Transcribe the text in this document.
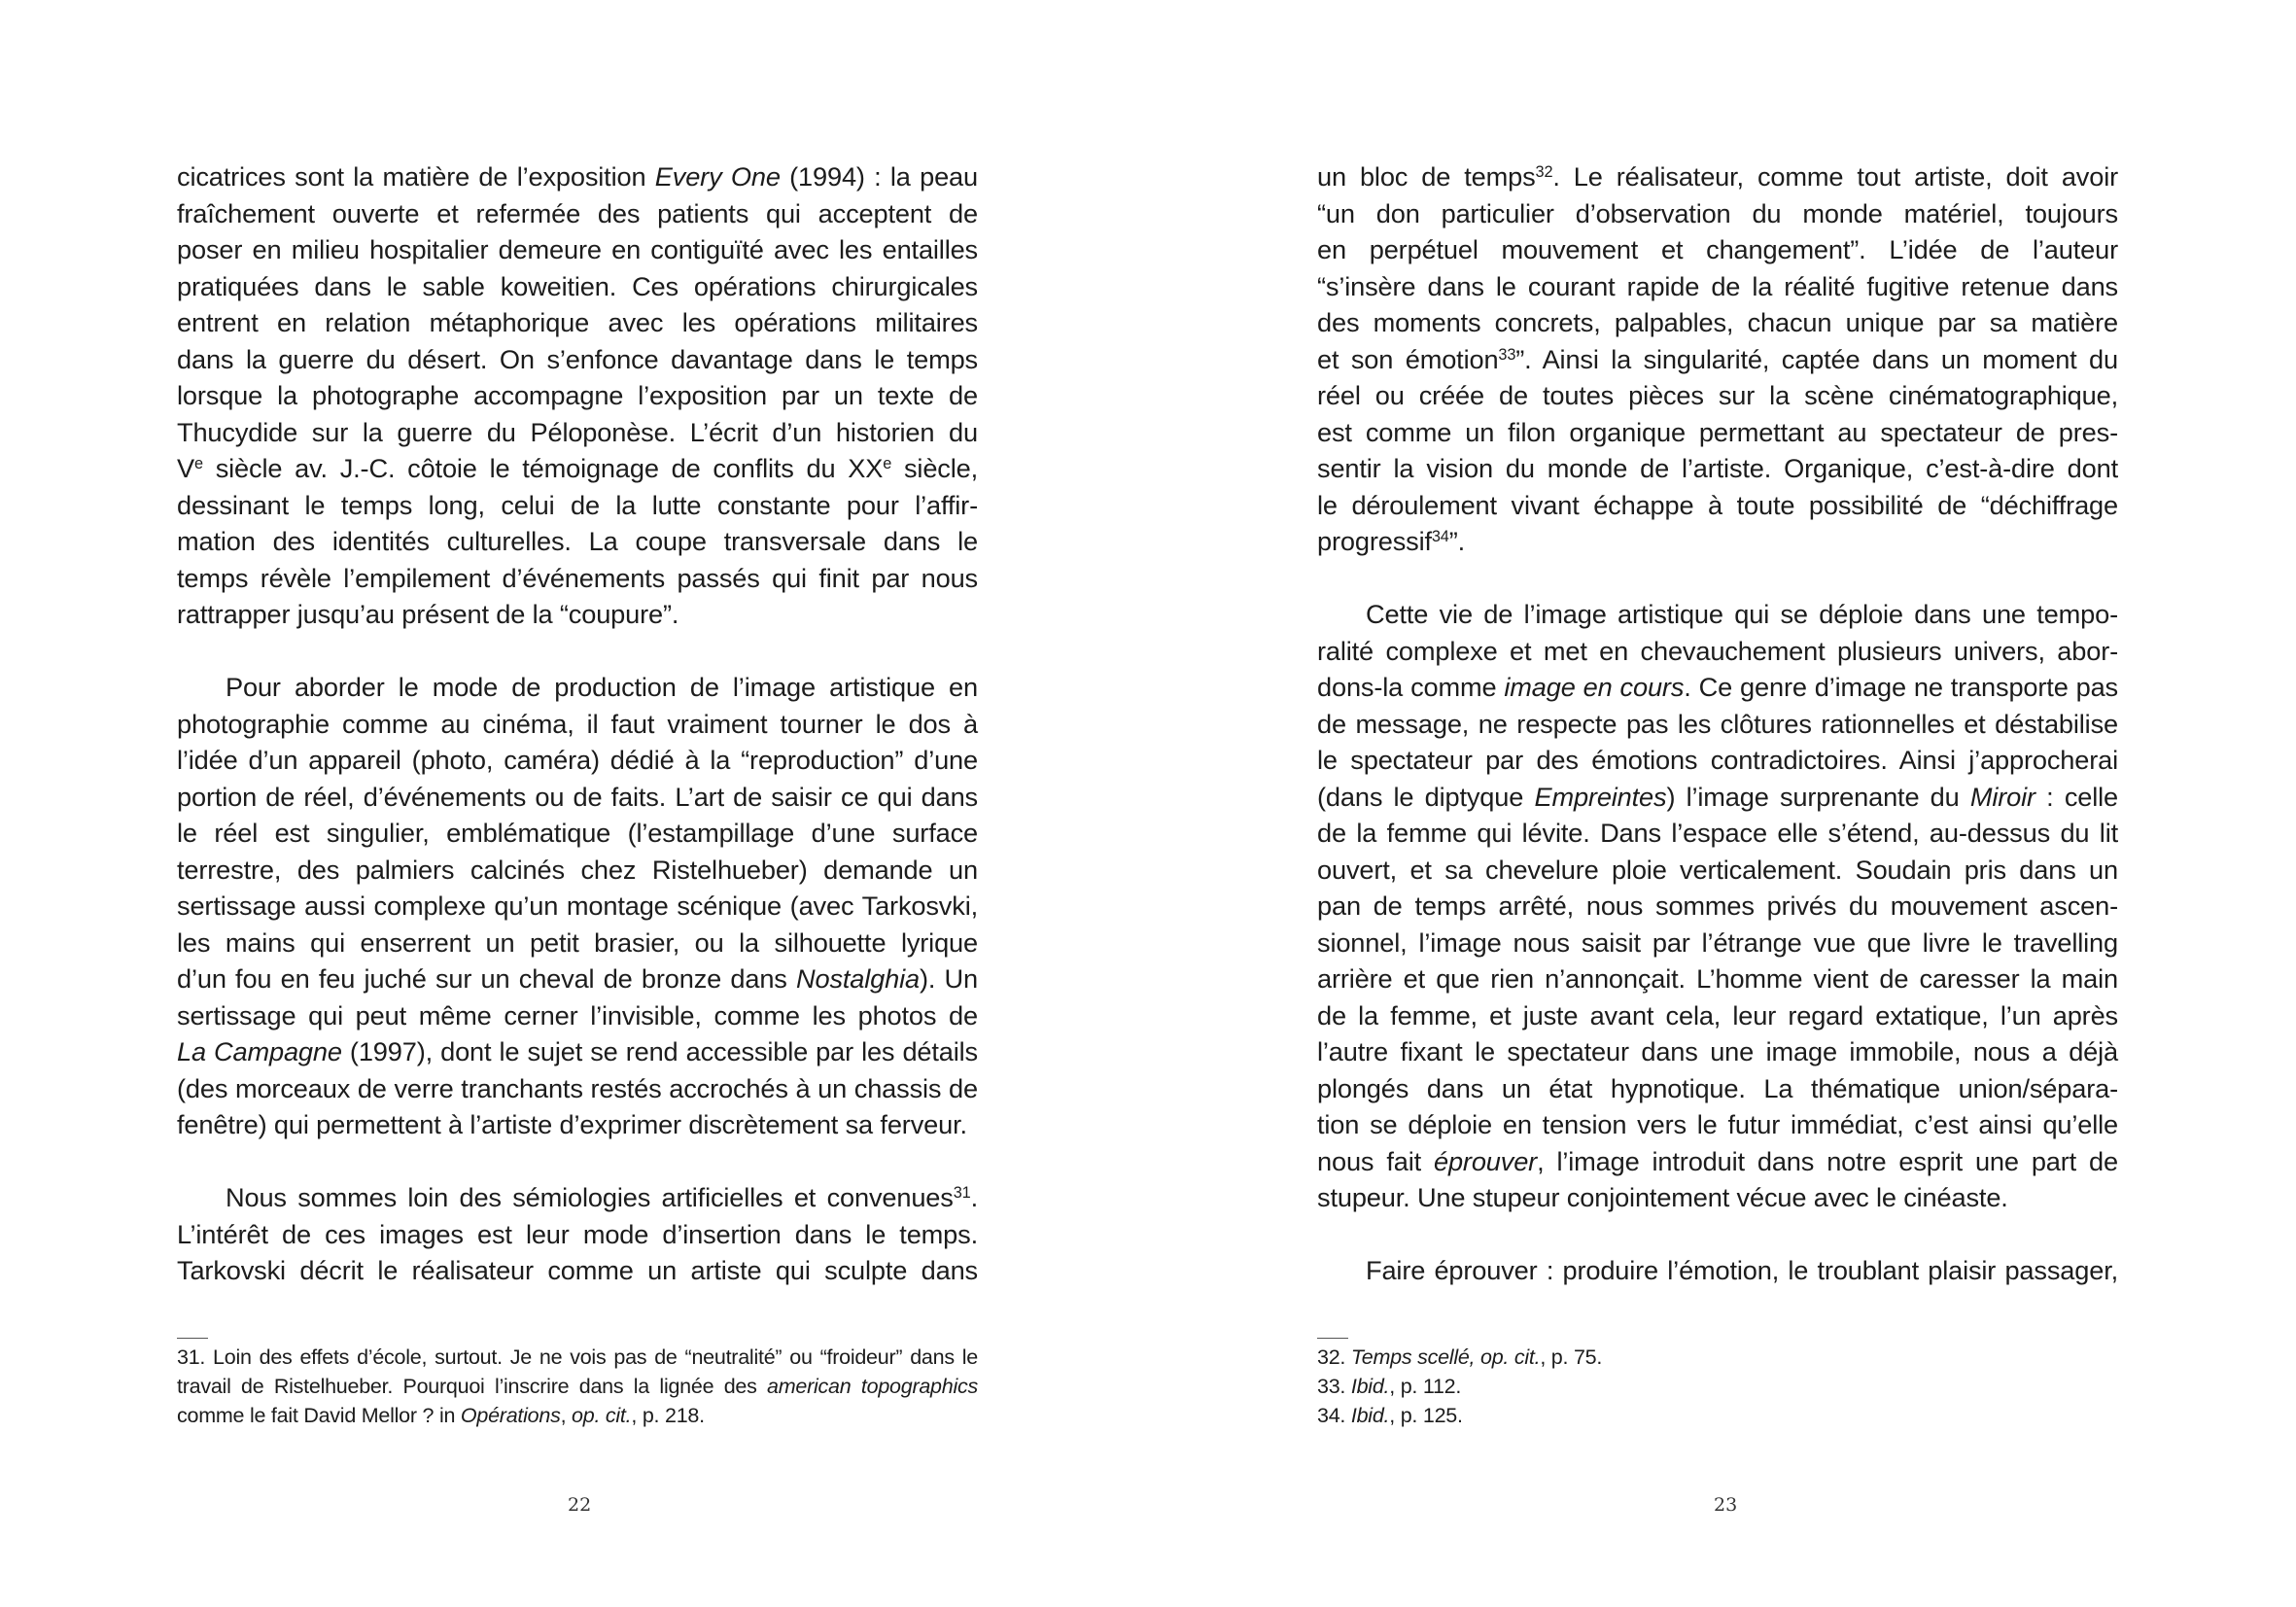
cicatrices sont la matière de l’exposition Every One (1994) : la peau
fraîchement ouverte et refermée des patients qui acceptent de
poser en milieu hospitalier demeure en contiguïté avec les entailles
pratiquées dans le sable koweitien. Ces opérations chirurgicales
entrent en relation métaphorique avec les opérations militaires
dans la guerre du désert. On s’enfonce davantage dans le temps
lorsque la photographe accompagne l’exposition par un texte de
Thucydide sur la guerre du Péloponèse. L’écrit d’un historien du
Ve siècle av. J.-C. côtoie le témoignage de conflits du XXe siècle,
dessinant le temps long, celui de la lutte constante pour l’affir-
mation des identités culturelles. La coupe transversale dans le
temps révèle l’empilement d’événements passés qui finit par nous
rattrapper jusqu’au présent de la “coupure”.
Pour aborder le mode de production de l’image artistique en
photographie comme au cinéma, il faut vraiment tourner le dos à
l’idée d’un appareil (photo, caméra) dédié à la “reproduction” d’une
portion de réel, d’événements ou de faits. L’art de saisir ce qui dans
le réel est singulier, emblématique (l’estampillage d’une surface
terrestre, des palmiers calcinés chez Ristelhueber) demande un
sertissage aussi complexe qu’un montage scénique (avec Tarkosvki,
les mains qui enserrent un petit brasier, ou la silhouette lyrique
d’un fou en feu juché sur un cheval de bronze dans Nostalghia). Un
sertissage qui peut même cerner l’invisible, comme les photos de
La Campagne (1997), dont le sujet se rend accessible par les détails
(des morceaux de verre tranchants restés accrochés à un chassis de
fenêtre) qui permettent à l’artiste d’exprimer discrètement sa ferveur.
Nous sommes loin des sémiologies artificielles et convenues$^{31}$.
L’intérêt de ces images est leur mode d’insertion dans le temps.
Tarkovski décrit le réalisateur comme un artiste qui sculpte dans
31. Loin des effets d’école, surtout. Je ne vois pas de “neutralité” ou “froideur” dans le
travail de Ristelhueber. Pourquoi l’inscrire dans la lignée des american topographics
comme le fait David Mellor ? in Opérations, op. cit., p. 218.
22
un bloc de temps$^{32}$. Le réalisateur, comme tout artiste, doit avoir
“un don particulier d’observation du monde matériel, toujours
en perpétuel mouvement et changement”. L’idée de l’auteur
“s’insère dans le courant rapide de la réalité fugitive retenue dans
des moments concrets, palpables, chacun unique par sa matière
et son émotion$^{33}$”. Ainsi la singularité, captée dans un moment du
réel ou créée de toutes pièces sur la scène cinématographique,
est comme un filon organique permettant au spectateur de pres-
sentir la vision du monde de l’artiste. Organique, c’est-à-dire dont
le déroulement vivant échappe à toute possibilité de “déchiffrage
progressif$^{34}$”.
Cette vie de l’image artistique qui se déploie dans une tempo-
ralité complexe et met en chevauchement plusieurs univers, abor-
dons-la comme image en cours. Ce genre d’image ne transporte pas
de message, ne respecte pas les clôtures rationnelles et déstabilise
le spectateur par des émotions contradictoires. Ainsi j’approcherai
(dans le diptyque Empreintes) l’image surprenante du Miroir : celle
de la femme qui lévite. Dans l’espace elle s’étend, au-dessus du lit
ouvert, et sa chevelure ploie verticalement. Soudain pris dans un
pan de temps arrêté, nous sommes privés du mouvement ascen-
sionnel, l’image nous saisit par l’étrange vue que livre le travelling
arrière et que rien n’annonçait. L’homme vient de caresser la main
de la femme, et juste avant cela, leur regard extatique, l’un après
l’autre fixant le spectateur dans une image immobile, nous a déjà
plongés dans un état hypnotique. La thématique union/sépara-
tion se déploie en tension vers le futur immédiat, c’est ainsi qu’elle
nous fait éprouver, l’image introduit dans notre esprit une part de
stupeur. Une stupeur conjointement vécue avec le cinéaste.
Faire éprouver : produire l’émotion, le troublant plaisir passager,
32. Temps scellé, op. cit., p. 75.
33. Ibid., p. 112.
34. Ibid., p. 125.
23
